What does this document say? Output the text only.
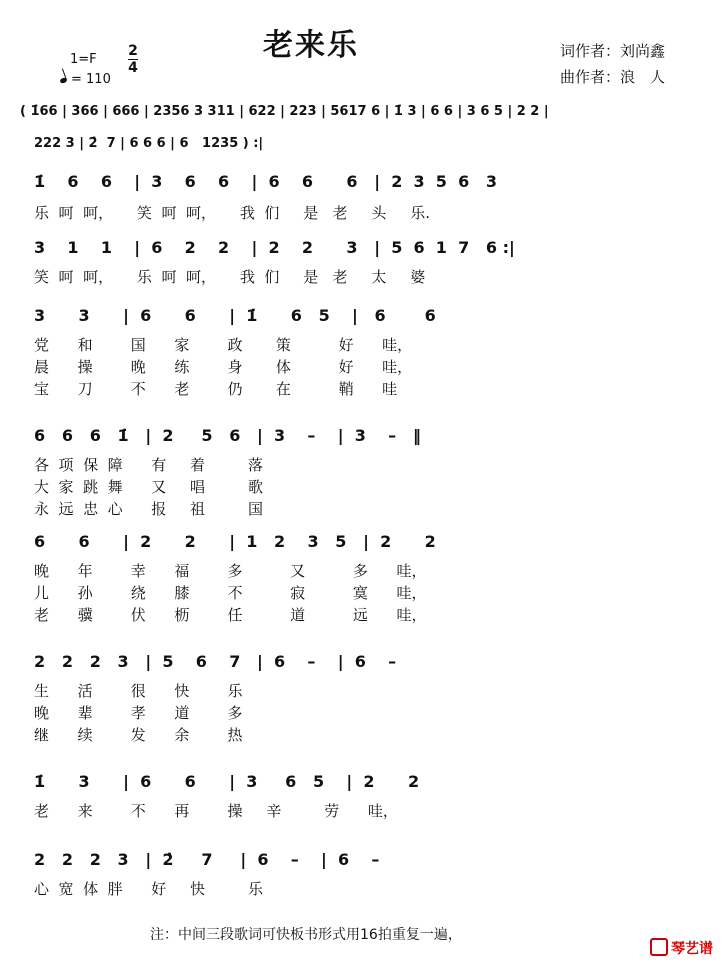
老来乐
1=F
2
4
= 110
词作者：刘尚鑫
曲作者：浪　人
( 1̇66 | 366 | 666 | 2356 3 311 | 622 | 223 | 5617 6 | 1̇ 3 | 6 6 | 3 6 5 | 2 2 |
222 3 | 2̇  7 | 6 6 6 | 6   1235 ) :|
1̇    6    6    |  3    6    6    |  6    6      6   |  2  3  5  6   3
乐  呵  呵，     笑  呵  呵，     我  们     是   老     头     乐.
3    1    1    |  6    2    2    |  2    2      3   |  5  6  1  7   6 :|
笑  呵  呵，     乐  呵  呵，     我  们     是   老     太     婆
3      3      |  6      6      |  1̇      6   5    |   6       6
党      和        国      家        政       策          好      哇，
晨      操        晚      练        身       体          好      哇，
宝      刀        不      老        仍       在          鞘      哇
6   6   6   1̇   |  2     5   6   |  3    –    |  3    –   ‖
各  项  保  障      有     着         落
大  家  跳  舞      又     唱         歌
永  远  忠  心      报     祖         国
6      6      |  2      2      |  1   2    3   5   |  2      2
晚      年        幸      福        多          又          多      哇，
儿      孙        绕      膝        不          寂          寞      哇，
老      骥        伏      枥        任          道          远      哇，
2   2   2   3   |  5    6    7   |  6    –    |  6    –
生      活        很      快        乐
晚      辈        孝      道        多
继      续        发      余        热
1̇      3      |  6      6      |  3     6   5    |  2      2
老      来        不      再        操     辛         劳      哇，
2   2   2   3   |  2̇     7     |  6    –    |  6    –
心  宽  体  胖      好     快         乐
注：中间三段歌词可快板书形式用16拍重复一遍，
琴艺谱
